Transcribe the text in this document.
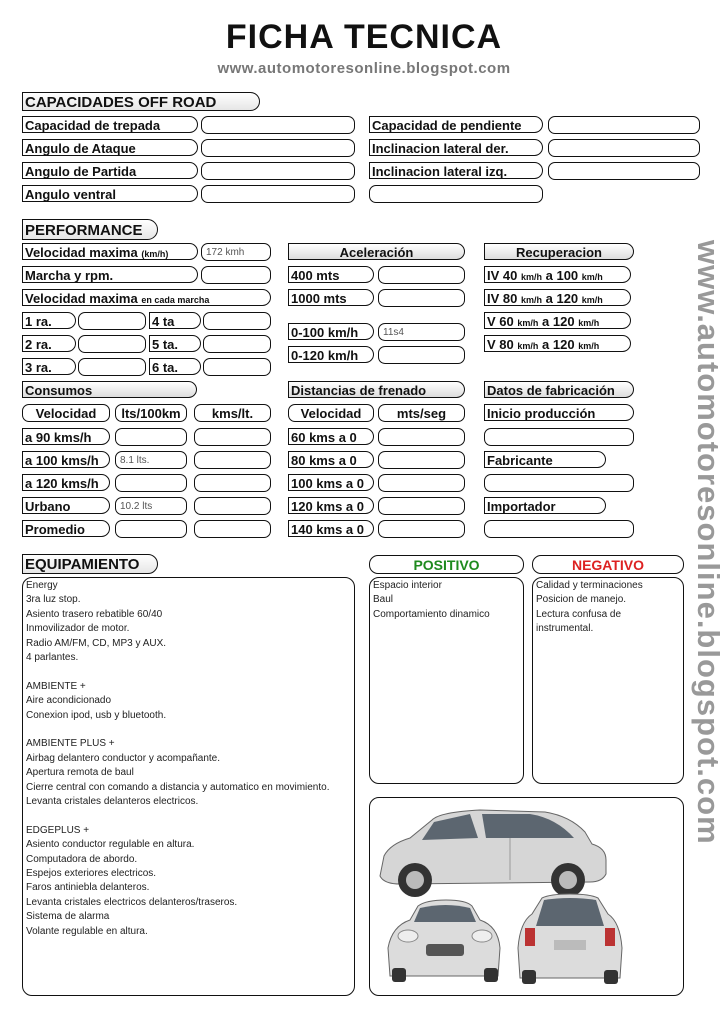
FICHA TECNICA
www.automotoresonline.blogspot.com
www.automotoresonline.blogspot.com
CAPACIDADES OFF ROAD
Capacidad de trepada	Capacidad de pendiente
Angulo de Ataque	Inclinacion lateral der.
Angulo de Partida	Inclinacion lateral izq.
Angulo ventral
PERFORMANCE
Velocidad maxima (km/h)	172 kmh
Marcha y rpm.
Velocidad maxima en cada marcha
1 ra.	4 ta
2 ra.	5 ta.
3 ra.	6 ta.
Aceleración
400 mts
1000 mts
0-100 km/h	11s4
0-120 km/h
Recuperacion
IV 40 km/h a 100 km/h
IV 80 km/h a 120 km/h
V 60 km/h a 120 km/h
V 80 km/h a 120 km/h
Consumos
Velocidad	lts/100km	kms/lt.
a 90 kms/h
a 100 kms/h	8.1 lts.
a 120 kms/h
Urbano	10.2 lts
Promedio
Distancias de frenado
Velocidad	mts/seg
60 kms a 0
80 kms a 0
100 kms a 0
120 kms a 0
140 kms a 0
Datos de fabricación
Inicio producción
Fabricante
Importador
EQUIPAMIENTO	POSITIVO	NEGATIVO
Energy
3ra luz stop.
Asiento trasero rebatible 60/40
Inmovilizador de motor.
Radio AM/FM, CD, MP3 y AUX.
4 parlantes.
AMBIENTE +
Aire acondicionado
Conexion ipod, usb y bluetooth.
AMBIENTE PLUS +
Airbag delantero conductor y acompañante.
Apertura remota de baul
Cierre central con comando a distancia y automatico en movimiento.
Levanta cristales delanteros electricos.
EDGEPLUS +
Asiento conductor regulable en altura.
Computadora de abordo.
Espejos exteriores electricos.
Faros antiniebla delanteros.
Levanta cristales electricos delanteros/traseros.
Sistema de alarma
Volante regulable en altura.
Espacio interior
Baul
Comportamiento dinamico
Calidad y terminaciones
Posicion de manejo.
Lectura confusa de
instrumental.
